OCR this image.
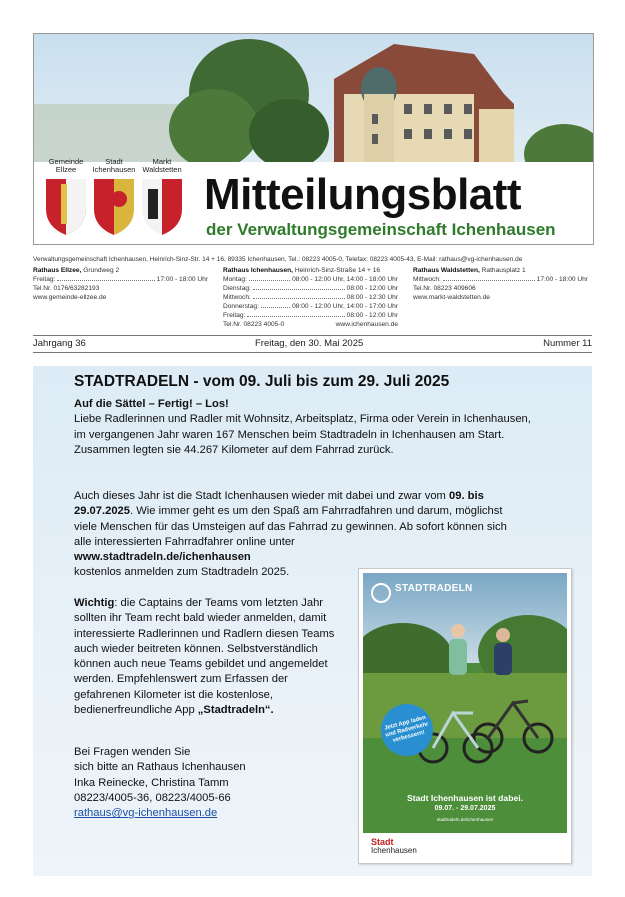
Gemeinde Ellzee
Stadt Ichenhausen
Markt Waldstetten
Mitteilungsblatt
der Verwaltungsgemeinschaft Ichenhausen
Verwaltungsgemeinschaft Ichenhausen, Heinrich-Sinz-Str. 14 + 16, 89335 Ichenhausen, Tel.: 08223 4005-0, Telefax: 08223 4005-43, E-Mail: rathaus@vg-ichenhausen.de
Rathaus Ellzee, Grundweg 2
Freitag:	17:00 - 18:00 Uhr
Tel.Nr. 0176/63282193
www.gemeinde-ellzee.de
Rathaus Ichenhausen, Heinrich-Sinz-Straße 14 + 16
Montag:	08:00 - 12:00 Uhr, 14:00 - 18:00 Uhr
Dienstag:	08:00 - 12:00 Uhr
Mittwoch:	08:00 - 12:30 Uhr
Donnerstag:	08:00 - 12:00 Uhr, 14:00 - 17:00 Uhr
Freitag:	08:00 - 12:00 Uhr
Tel.Nr. 08223 4005-0	www.ichenhausen.de
Rathaus Waldstetten, Rathausplatz 1
Mittwoch:	17:00 - 18:00 Uhr
Tel.Nr. 08223 409606
www.markt-waldstetten.de
Jahrgang 36	Freitag, den 30. Mai 2025	Nummer 11
STADTRADELN - vom 09. Juli bis zum 29. Juli 2025
Auf die Sättel – Fertig! – Los!
Liebe Radlerinnen und Radler mit Wohnsitz, Arbeitsplatz, Firma oder Verein in Ichenhausen, im vergangenen Jahr waren 167 Menschen beim Stadtradeln in Ichenhausen am Start. Zusammen legten sie 44.267 Kilometer auf dem Fahrrad zurück.
Auch dieses Jahr ist die Stadt Ichenhausen wieder mit dabei und zwar vom 09. bis 29.07.2025. Wie immer geht es um den Spaß am Fahrradfahren und darum, möglichst viele Menschen für das Umsteigen auf das Fahrrad zu gewinnen. Ab sofort können sich alle interessierten Fahrradfahrer online unter
www.stadtradeln.de/ichenhausen
kostenlos anmelden zum Stadtradeln 2025.
Wichtig: die Captains der Teams vom letzten Jahr sollten ihr Team recht bald wieder anmelden, damit interessierte Radlerinnen und Radlern diesen Teams auch wieder beitreten können. Selbstverständlich können auch neue Teams gebildet und angemeldet werden. Empfehlenswert zum Erfassen der gefahrenen Kilometer ist die kostenlose, bedienerfreundliche App „Stadtradeln“.
Bei Fragen wenden Sie
sich bitte an Rathaus Ichenhausen
Inka Reinecke, Christina Tamm
08223/4005-36, 08223/4005-66
rathaus@vg-ichenhausen.de
STADTRADELN
Jetzt App laden und Radverkehr verbessern!
Stadt Ichenhausen ist dabei.
09.07. - 29.07.2025
stadtradeln.de/ichenhausen
Stadt
Ichenhausen
